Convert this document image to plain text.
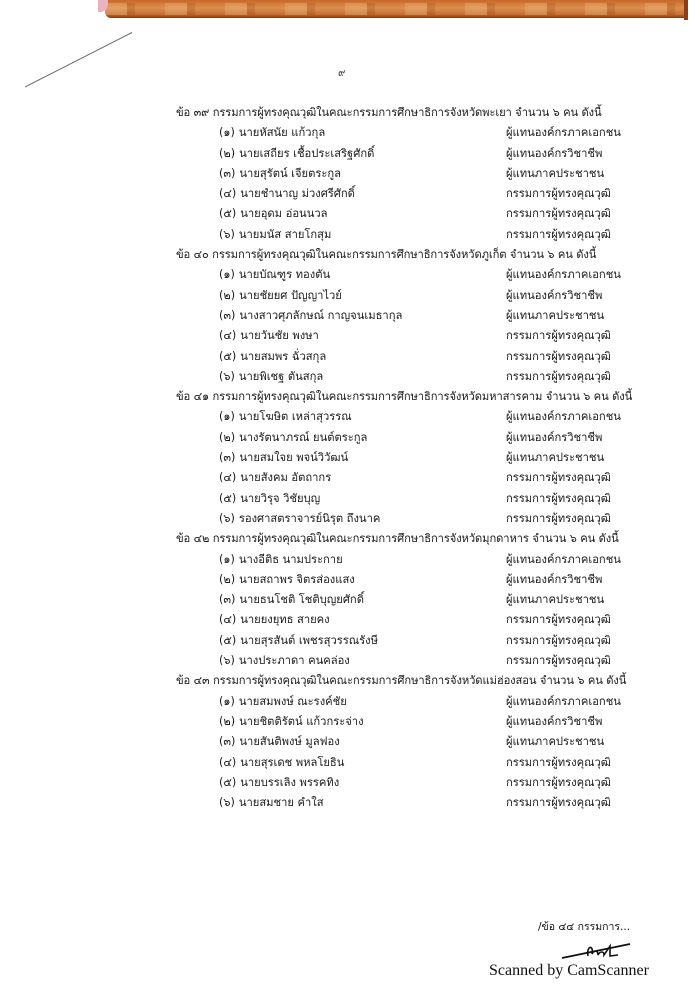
๙
ข้อ ๓๙ กรรมการผู้ทรงคุณวุฒิในคณะกรรมการศึกษาธิการจังหวัดพะเยา จำนวน ๖ คน ดังนี้
(๑) นายหัสนัย แก้วกุล	ผู้แทนองค์กรภาคเอกชน
(๒) นายเสถียร เชื้อประเสริฐศักดิ์	ผู้แทนองค์กรวิชาชีพ
(๓) นายสุรัตน์ เจียตระกูล	ผู้แทนภาคประชาชน
(๔) นายชำนาญ ม่วงศรีศักดิ์	กรรมการผู้ทรงคุณวุฒิ
(๕) นายอุดม อ่อนนวล	กรรมการผู้ทรงคุณวุฒิ
(๖) นายมนัส สายโกสุม	กรรมการผู้ทรงคุณวุฒิ
ข้อ ๔๐ กรรมการผู้ทรงคุณวุฒิในคณะกรรมการศึกษาธิการจังหวัดภูเก็ต จำนวน ๖ คน ดังนี้
(๑) นายบัณฑูร ทองตัน	ผู้แทนองค์กรภาคเอกชน
(๒) นายชัยยศ ปัญญาไวย์	ผู้แทนองค์กรวิชาชีพ
(๓) นางสาวศุภลักษณ์ กาญจนเมธากุล	ผู้แทนภาคประชาชน
(๔) นายวันชัย พงษา	กรรมการผู้ทรงคุณวุฒิ
(๕) นายสมพร ฉั่วสกุล	กรรมการผู้ทรงคุณวุฒิ
(๖) นายพิเชฐ ตันสกุล	กรรมการผู้ทรงคุณวุฒิ
ข้อ ๔๑ กรรมการผู้ทรงคุณวุฒิในคณะกรรมการศึกษาธิการจังหวัดมหาสารคาม จำนวน ๖ คน ดังนี้
(๑) นายโฆษิต เหล่าสุวรรณ	ผู้แทนองค์กรภาคเอกชน
(๒) นางรัตนาภรณ์ ยนต์ตระกูล	ผู้แทนองค์กรวิชาชีพ
(๓) นายสมใจย พจน์วิวัฒน์	ผู้แทนภาคประชาชน
(๔) นายสังคม อัตถากร	กรรมการผู้ทรงคุณวุฒิ
(๕) นายวิรุจ วิชัยบุญ	กรรมการผู้ทรงคุณวุฒิ
(๖) รองศาสตราจารย์นิรุต ถึงนาค	กรรมการผู้ทรงคุณวุฒิ
ข้อ ๔๒ กรรมการผู้ทรงคุณวุฒิในคณะกรรมการศึกษาธิการจังหวัดมุกดาหาร จำนวน ๖ คน ดังนี้
(๑) นางอีติธ นามประกาย	ผู้แทนองค์กรภาคเอกชน
(๒) นายสถาพร จิตรส่องแสง	ผู้แทนองค์กรวิชาชีพ
(๓) นายธนโชติ โชติบุญยศักดิ์	ผู้แทนภาคประชาชน
(๔) นายยงยุทธ สายคง	กรรมการผู้ทรงคุณวุฒิ
(๕) นายสุรสันต์ เพชรสุวรรณรังษี	กรรมการผู้ทรงคุณวุฒิ
(๖) นางประภาดา คนคล่อง	กรรมการผู้ทรงคุณวุฒิ
ข้อ ๔๓ กรรมการผู้ทรงคุณวุฒิในคณะกรรมการศึกษาธิการจังหวัดแม่ฮ่องสอน จำนวน ๖ คน ดังนี้
(๑) นายสมพงษ์ ณะรงค์ชัย	ผู้แทนองค์กรภาคเอกชน
(๒) นายชิตติรัตน์ แก้วกระจ่าง	ผู้แทนองค์กรวิชาชีพ
(๓) นายสันติพงษ์ มูลฟอง	ผู้แทนภาคประชาชน
(๔) นายสุรเดช พหลโยธิน	กรรมการผู้ทรงคุณวุฒิ
(๕) นายบรรเลิง พรรคทิง	กรรมการผู้ทรงคุณวุฒิ
(๖) นายสมชาย คำใส	กรรมการผู้ทรงคุณวุฒิ
/ข้อ ๔๔ กรรมการ...
Scanned by CamScanner
